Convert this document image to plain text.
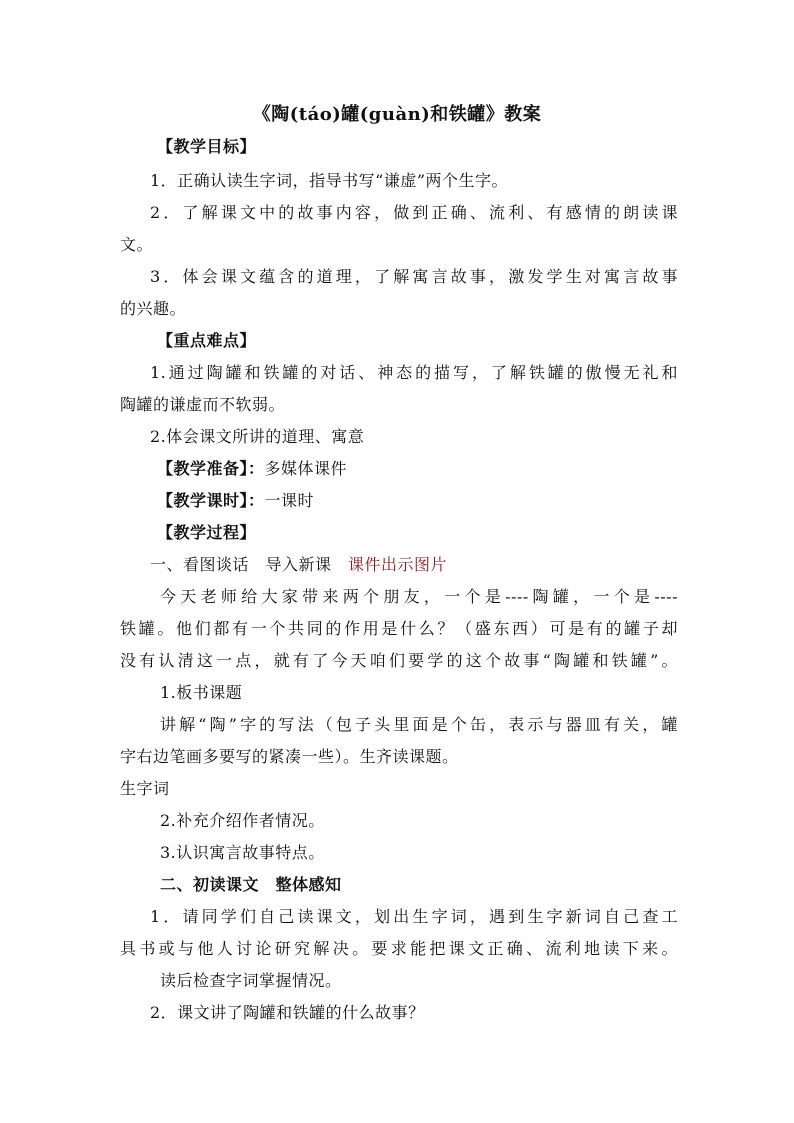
《陶(táo)罐(guàn)和铁罐》教案
【教学目标】
1．正确认读生字词，指导书写“谦虚”两个生字。
2．了解课文中的故事内容，做到正确、流利、有感情的朗读课
文。
3．体会课文蕴含的道理，了解寓言故事，激发学生对寓言故事
的兴趣。
【重点难点】
1.通过陶罐和铁罐的对话、神态的描写，了解铁罐的傲慢无礼和
陶罐的谦虚而不软弱。
2.体会课文所讲的道理、寓意
【教学准备】：多媒体课件
【教学课时】：一课时
【教学过程】
一、看图谈话　导入新课　课件出示图片
今天老师给大家带来两个朋友，一个是----陶罐，一个是----
铁罐。他们都有一个共同的作用是什么？（盛东西）可是有的罐子却
没有认清这一点，就有了今天咱们要学的这个故事“陶罐和铁罐”。
1.板书课题
讲解“陶”字的写法（包子头里面是个缶，表示与器皿有关，罐
字右边笔画多要写的紧凑一些）。生齐读课题。
生字词
2.补充介绍作者情况。
3.认识寓言故事特点。
二、初读课文　整体感知
1．请同学们自己读课文，划出生字词，遇到生字新词自己查工
具书或与他人讨论研究解决。要求能把课文正确、流利地读下来。
读后检查字词掌握情况。
2．课文讲了陶罐和铁罐的什么故事？
